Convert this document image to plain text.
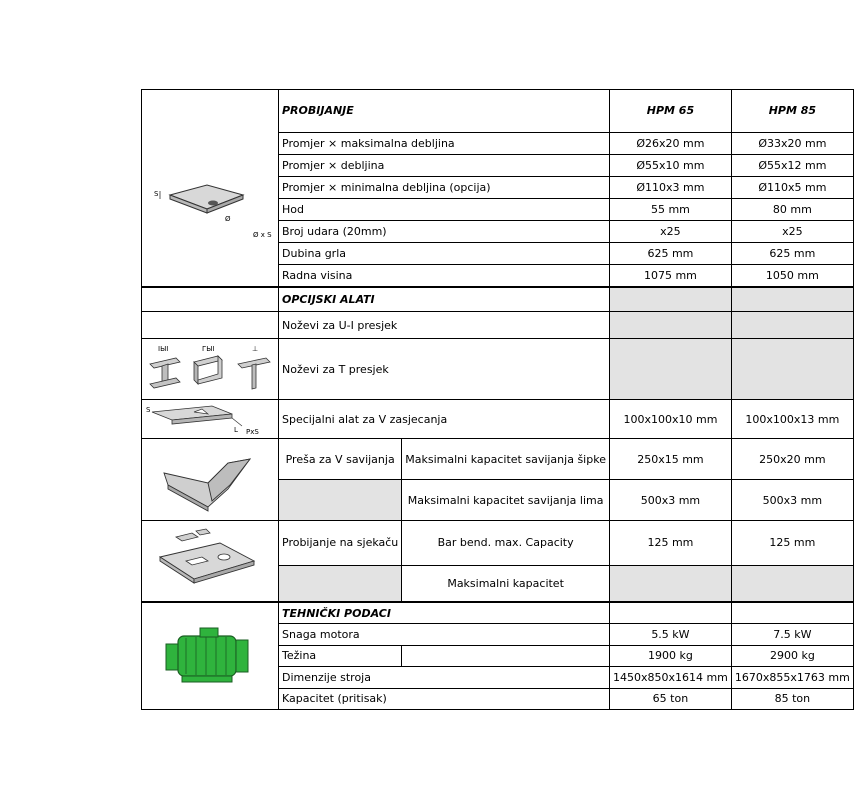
S
Ø
Ø x S	PROBIJANJE		HPM 65	HPM 85
	Promjer × maksimalna debljina		Ø26x20 mm	Ø33x20 mm
	Promjer × debljina		Ø55x10 mm	Ø55x12 mm
	Promjer × minimalna debljina (opcija)		Ø110x3 mm	Ø110x5 mm
	Hod		55 mm	80 mm
	Broj udara (20mm)		x25	x25
	Dubina grla		625 mm	625 mm
	Radna visina		1075 mm	1050 mm
	OPCIJSKI ALATI			
	Noževi za U-I presjek			

IЫI ГЫI ⊥	Noževi za T presjek			

S
L PxS	Specijalni alat za V zasjecanja		100x100x10 mm	100x100x13 mm

	Preša za V savijanja	Maksimalni kapacitet savijanja šipke	250x15 mm	250x20 mm
		Maksimalni kapacitet savijanja lima	500x3 mm	500x3 mm

	Probijanje na sjekaču	Bar bend. max. Capacity	125 mm	125 mm
		Maksimalni kapacitet		

	TEHNIČKI PODACI			
	Snaga motora		5.5 kW	7.5 kW
	Težina		1900 kg	2900 kg
	Dimenzije stroja		1450x850x1614 mm	1670x855x1763 mm
	Kapacitet (pritisak)		65 ton	85 ton
